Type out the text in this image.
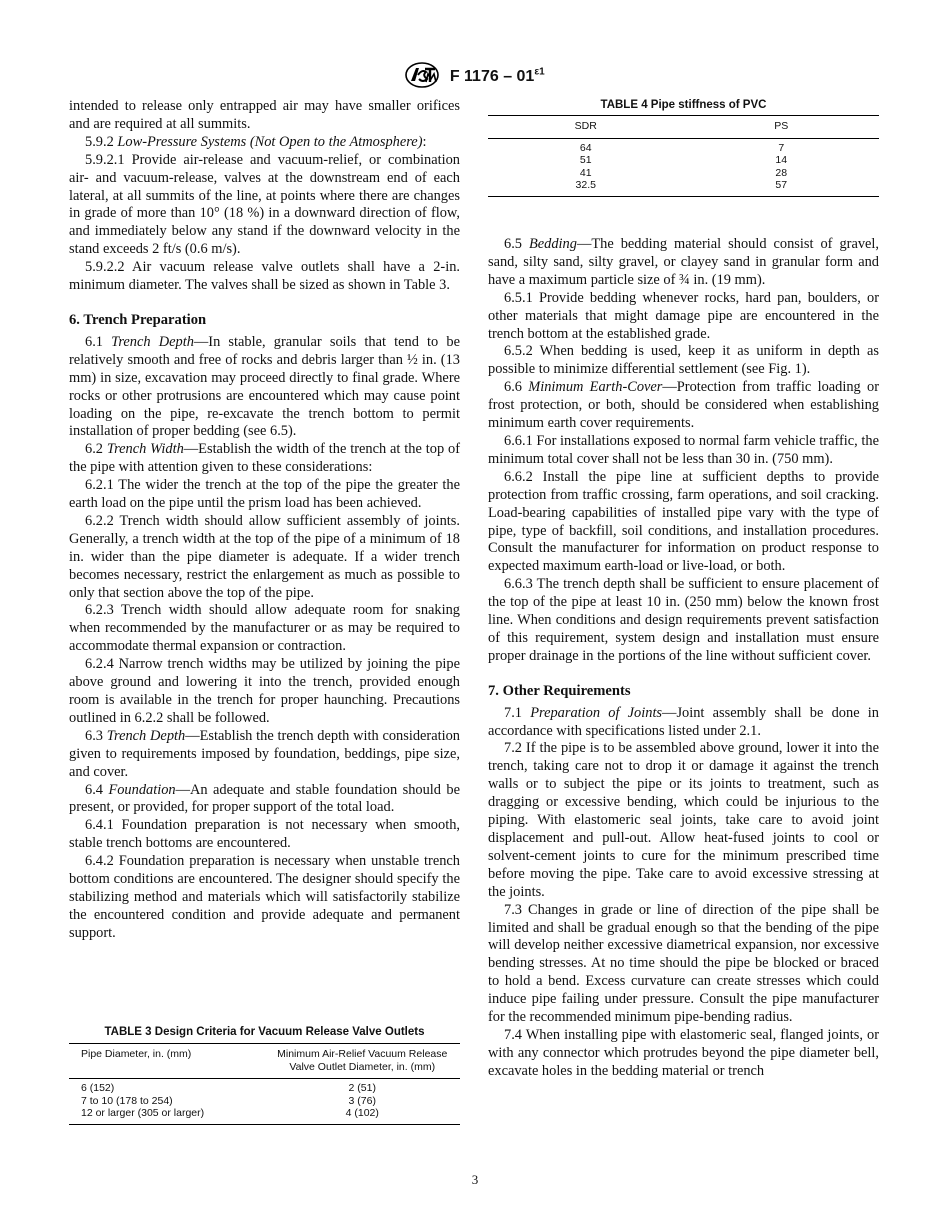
F $1176 - 01^{\varepsilon 1}$

intended to release only entrapped air may have smaller orifices and are required at all summits.

5.9.2 Low-Pressure Systems (Not Open to the Atmosphere):

5.9.2.1 Provide air-release and vacuum-relief, or combination air- and vacuum-release, valves at the downstream end of each lateral, at all summits of the line, at points where there are changes in grade of more than 10° (18 %) in a downward direction of flow, and immediately below any stand if the downward velocity in the stand exceeds 2 ft/s (0.6 m/s).

5.9.2.2 Air vacuum release valve outlets shall have a 2-in. minimum diameter. The valves shall be sized as shown in Table 3.

6. Trench Preparation

6.1 Trench Depth—In stable, granular soils that tend to be relatively smooth and free of rocks and debris larger than ½ in. (13 mm) in size, excavation may proceed directly to final grade. Where rocks or other protrusions are encountered which may cause point loading on the pipe, re-excavate the trench bottom to permit installation of proper bedding (see 6.5).

6.2 Trench Width—Establish the width of the trench at the top of the pipe with attention given to these considerations:

6.2.1 The wider the trench at the top of the pipe the greater the earth load on the pipe until the prism load has been achieved.

6.2.2 Trench width should allow sufficient assembly of joints. Generally, a trench width at the top of the pipe of a minimum of 18 in. wider than the pipe diameter is adequate. If a wider trench becomes necessary, restrict the enlargement as much as possible to only that section above the top of the pipe.

6.2.3 Trench width should allow adequate room for snaking when recommended by the manufacturer or as may be required to accommodate thermal expansion or contraction.

6.2.4 Narrow trench widths may be utilized by joining the pipe above ground and lowering it into the trench, provided enough room is available in the trench for proper haunching. Precautions outlined in 6.2.2 shall be followed.

6.3 Trench Depth—Establish the trench depth with consideration given to requirements imposed by foundation, beddings, pipe size, and cover.

6.4 Foundation—An adequate and stable foundation should be present, or provided, for proper support of the total load.

6.4.1 Foundation preparation is not necessary when smooth, stable trench bottoms are encountered.

6.4.2 Foundation preparation is necessary when unstable trench bottom conditions are encountered. The designer should specify the stabilizing method and materials which will satisfactorily stabilize the encountered condition and provide adequate and permanent support.

TABLE 4 Pipe stiffness of PVC
SDR	PS
64	7
51	14
41	28
32.5	57

6.5 Bedding—The bedding material should consist of gravel, sand, silty sand, silty gravel, or clayey sand in granular form and have a maximum particle size of ¾ in. (19 mm).

6.5.1 Provide bedding whenever rocks, hard pan, boulders, or other materials that might damage pipe are encountered in the trench bottom at the established grade.

6.5.2 When bedding is used, keep it as uniform in depth as possible to minimize differential settlement (see Fig. 1).

6.6 Minimum Earth-Cover—Protection from traffic loading or frost protection, or both, should be considered when establishing minimum earth cover requirements.

6.6.1 For installations exposed to normal farm vehicle traffic, the minimum total cover shall not be less than 30 in. (750 mm).

6.6.2 Install the pipe line at sufficient depths to provide protection from traffic crossing, farm operations, and soil cracking. Load-bearing capabilities of installed pipe vary with the type of pipe, type of backfill, soil conditions, and installation procedures. Consult the manufacturer for information on product response to expected maximum earth-load or live-load, or both.

6.6.3 The trench depth shall be sufficient to ensure placement of the top of the pipe at least 10 in. (250 mm) below the known frost line. When conditions and design requirements prevent satisfaction of this requirement, system design and installation must ensure proper drainage in the portions of the line without sufficient cover.

7. Other Requirements

7.1 Preparation of Joints—Joint assembly shall be done in accordance with specifications listed under 2.1.

7.2 If the pipe is to be assembled above ground, lower it into the trench, taking care not to drop it or damage it against the trench walls or to subject the pipe or its joints to treatment, such as dragging or excessive bending, which could be injurious to the piping. With elastomeric seal joints, take care to avoid joint displacement and pull-out. Allow heat-fused joints to cool or solvent-cement joints to cure for the minimum prescribed time before moving the pipe. Take care to avoid excessive stressing at the joints.

7.3 Changes in grade or line of direction of the pipe shall be limited and shall be gradual enough so that the bending of the pipe will develop neither excessive diametrical expansion, nor excessive bending stresses. At no time should the pipe be blocked or braced to hold a bend. Excess curvature can create stresses which could induce pipe failing under pressure. Consult the pipe manufacturer for the recommended minimum pipe-bending radius.

7.4 When installing pipe with elastomeric seal, flanged joints, or with any connector which protrudes beyond the pipe diameter bell, excavate holes in the bedding material or trench

TABLE 3 Design Criteria for Vacuum Release Valve Outlets
Pipe Diameter, in. (mm)	Minimum Air-Relief Vacuum Release Valve Outlet Diameter, in. (mm)
6 (152)	2 (51)
7 to 10 (178 to 254)	3 (76)
12 or larger (305 or larger)	4 (102)
3
